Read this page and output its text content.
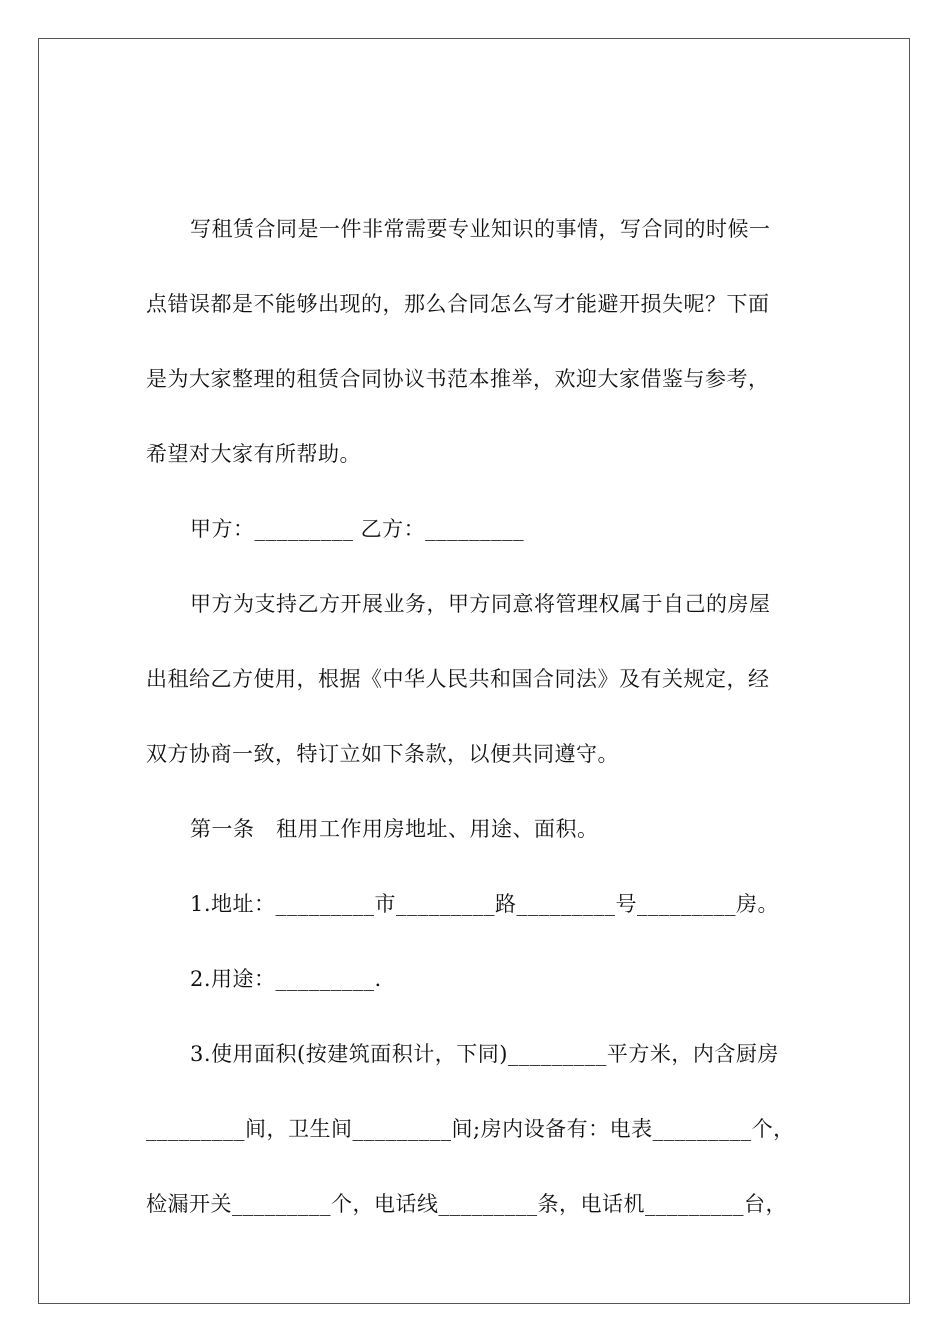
写租赁合同是一件非常需要专业知识的事情，写合同的时候一
点错误都是不能够出现的，那么合同怎么写才能避开损失呢？下面
是为大家整理的租赁合同协议书范本推举，欢迎大家借鉴与参考，
希望对大家有所帮助。
甲方：_________ 乙方：_________
甲方为支持乙方开展业务，甲方同意将管理权属于自己的房屋
出租给乙方使用，根据《中华人民共和国合同法》及有关规定，经
双方协商一致，特订立如下条款，以便共同遵守。
第一条   租用工作用房地址、用途、面积。
1.地址：_________市_________路_________号_________房。
2.用途：_________.
3.使用面积(按建筑面积计，下同)_________平方米，内含厨房
_________间，卫生间_________间;房内设备有：电表_________个，
检漏开关_________个，电话线_________条，电话机_________台，
